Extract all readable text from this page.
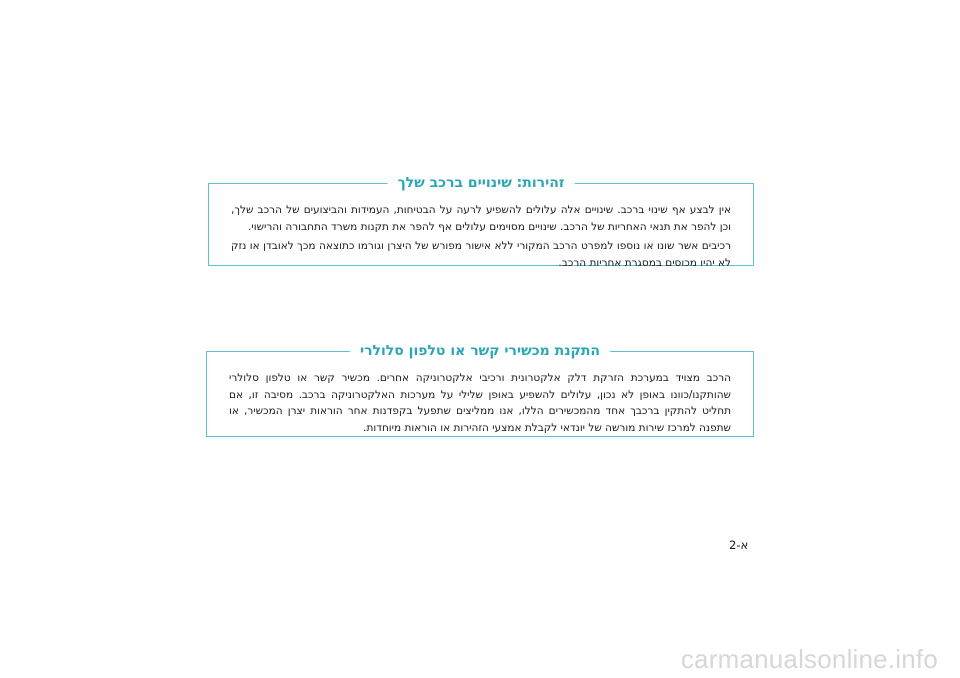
זהירות: שינויים ברכב שלך

אין לבצע אף שינוי ברכב. שינויים אלה עלולים להשפיע לרעה על הבטיחות, העמידות והביצועים של הרכב שלך, וכן להפר את תנאי האחריות של הרכב. שינויים מסוימים עלולים אף להפר את תקנות משרד התחבורה והרישוי.

רכיבים אשר שונו או נוספו למפרט הרכב המקורי ללא אישור מפורש של היצרן וגורמו כתוצאה מכך לאובדן או נזק לא יהיו מכוסים במסגרת אחריות הרכב.

התקנת מכשירי קשר או טלפון סלולרי

הרכב מצויד במערכת הזרקת דלק אלקטרונית ורכיבי אלקטרוניקה אחרים. מכשיר קשר או טלפון סלולרי שהותקנו/כוונו באופן לא נכון, עלולים להשפיע באופן שלילי על מערכות האלקטרוניקה ברכב. מסיבה זו, אם תחליט להתקין ברכבך אחד מהמכשירים הללו, אנו ממליצים שתפעל בקפדנות אחר הוראות יצרן המכשיר, או שתפנה למרכז שירות מורשה של יונדאי לקבלת אמצעי הזהירות או הוראות מיוחדות.

א-2
carmanualsonline.info
